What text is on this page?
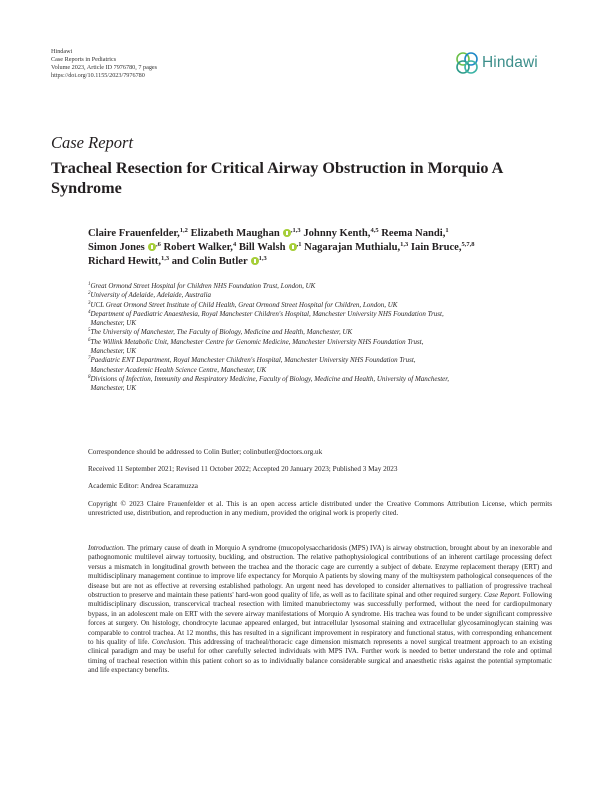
Hindawi
Case Reports in Pediatrics
Volume 2023, Article ID 7976780, 7 pages
https://doi.org/10.1155/2023/7976780
Hindawi
Case Report
Tracheal Resection for Critical Airway Obstruction in Morquio A Syndrome
Claire Frauenfelder,$^{1,2}$ Elizabeth Maughan $^{,1,3}$ Johnny Kenth,$^{4,5}$ Reema Nandi,$^1$
Simon Jones $^{,6}$ Robert Walker,$^4$ Bill Walsh $^{,1}$ Nagarajan Muthialu,$^{1,3}$ Iain Bruce,$^{5,7,8}$
Richard Hewitt,$^{1,3}$ and Colin Butler $^{1,3}$
$^1$Great Ormond Street Hospital for Children NHS Foundation Trust, London, UK
$^2$University of Adelaide, Adelaide, Australia
$^3$UCL Great Ormond Street Institute of Child Health, Great Ormond Street Hospital for Children, London, UK
$^4$Department of Paediatric Anaesthesia, Royal Manchester Children's Hospital, Manchester University NHS Foundation Trust,
Manchester, UK
$^5$The University of Manchester, The Faculty of Biology, Medicine and Health, Manchester, UK
$^6$The Willink Metabolic Unit, Manchester Centre for Genomic Medicine, Manchester University NHS Foundation Trust,
Manchester, UK
$^7$Paediatric ENT Department, Royal Manchester Children's Hospital, Manchester University NHS Foundation Trust,
Manchester Academic Health Science Centre, Manchester, UK
$^8$Divisions of Infection, Immunity and Respiratory Medicine, Faculty of Biology, Medicine and Health, University of Manchester,
Manchester, UK
Correspondence should be addressed to Colin Butler; colinbutler@doctors.org.uk
Received 11 September 2021; Revised 11 October 2022; Accepted 20 January 2023; Published 3 May 2023
Academic Editor: Andrea Scaramuzza
Copyright © 2023 Claire Frauenfelder et al. This is an open access article distributed under the Creative Commons Attribution License, which permits unrestricted use, distribution, and reproduction in any medium, provided the original work is properly cited.
Introduction. The primary cause of death in Morquio A syndrome (mucopolysaccharidosis (MPS) IVA) is airway obstruction, brought about by an inexorable and pathognomonic multilevel airway tortuosity, buckling, and obstruction. The relative pathophysiological contributions of an inherent cartilage processing defect versus a mismatch in longitudinal growth between the trachea and the thoracic cage are currently a subject of debate. Enzyme replacement therapy (ERT) and multidisciplinary management continue to improve life expectancy for Morquio A patients by slowing many of the multisystem pathological consequences of the disease but are not as effective at reversing established pathology. An urgent need has developed to consider alternatives to palliation of progressive tracheal obstruction to preserve and maintain these patients' hard-won good quality of life, as well as to facilitate spinal and other required surgery. Case Report. Following multidisciplinary discussion, transcervical tracheal resection with limited manubriectomy was successfully performed, without the need for cardiopulmonary bypass, in an adolescent male on ERT with the severe airway manifestations of Morquio A syndrome. His trachea was found to be under significant compressive forces at surgery. On histology, chondrocyte lacunae appeared enlarged, but intracellular lysosomal staining and extracellular glycosaminoglycan staining was comparable to control trachea. At 12 months, this has resulted in a significant improvement in respiratory and functional status, with corresponding enhancement to his quality of life. Conclusion. This addressing of tracheal/thoracic cage dimension mismatch represents a novel surgical treatment approach to an existing clinical paradigm and may be useful for other carefully selected individuals with MPS IVA. Further work is needed to better understand the role and optimal timing of tracheal resection within this patient cohort so as to individually balance considerable surgical and anaesthetic risks against the potential symptomatic and life expectancy benefits.
